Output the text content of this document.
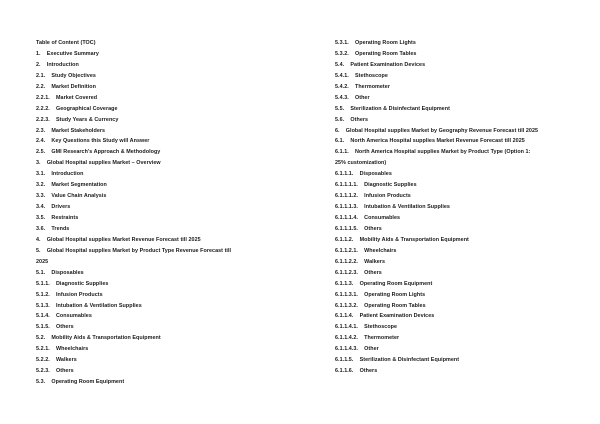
Table of Content (TOC)
1.    Executive Summary
2.    Introduction
2.1.    Study Objectives
2.2.    Market Definition
2.2.1.    Market Covered
2.2.2.    Geographical Coverage
2.2.3.    Study Years & Currency
2.3.    Market Stakeholders
2.4.    Key Questions this Study will Answer
2.5.    GMI Research's Approach & Methodology
3.    Global Hospital supplies Market – Overview
3.1.    Introduction
3.2.    Market Segmentation
3.3.    Value Chain Analysis
3.4.    Drivers
3.5.    Restraints
3.6.    Trends
4.    Global Hospital supplies Market Revenue Forecast till 2025
5.    Global Hospital supplies Market by Product Type Revenue Forecast till
2025
5.1.    Disposables
5.1.1.    Diagnostic Supplies
5.1.2.    Infusion Products
5.1.3.    Intubation & Ventilation Supplies
5.1.4.    Consumables
5.1.5.    Others
5.2.    Mobility Aids & Transportation Equipment
5.2.1.    Wheelchairs
5.2.2.    Walkers
5.2.3.    Others
5.3.    Operating Room Equipment
5.3.1.    Operating Room Lights
5.3.2.    Operating Room Tables
5.4.    Patient Examination Devices
5.4.1.    Stethoscope
5.4.2.    Thermometer
5.4.3.    Other
5.5.    Sterilization & Disinfectant Equipment
5.6.    Others
6.    Global Hospital supplies Market by Geography Revenue Forecast till 2025
6.1.    North America Hospital supplies Market Revenue Forecast till 2025
6.1.1.    North America Hospital supplies Market by Product Type (Option 1:
25% customization)
6.1.1.1.    Disposables
6.1.1.1.1.    Diagnostic Supplies
6.1.1.1.2.    Infusion Products
6.1.1.1.3.    Intubation & Ventilation Supplies
6.1.1.1.4.    Consumables
6.1.1.1.5.    Others
6.1.1.2.    Mobility Aids & Transportation Equipment
6.1.1.2.1.    Wheelchairs
6.1.1.2.2.    Walkers
6.1.1.2.3.    Others
6.1.1.3.    Operating Room Equipment
6.1.1.3.1.    Operating Room Lights
6.1.1.3.2.    Operating Room Tables
6.1.1.4.    Patient Examination Devices
6.1.1.4.1.    Stethoscope
6.1.1.4.2.    Thermometer
6.1.1.4.3.    Other
6.1.1.5.    Sterilization & Disinfectant Equipment
6.1.1.6.    Others
